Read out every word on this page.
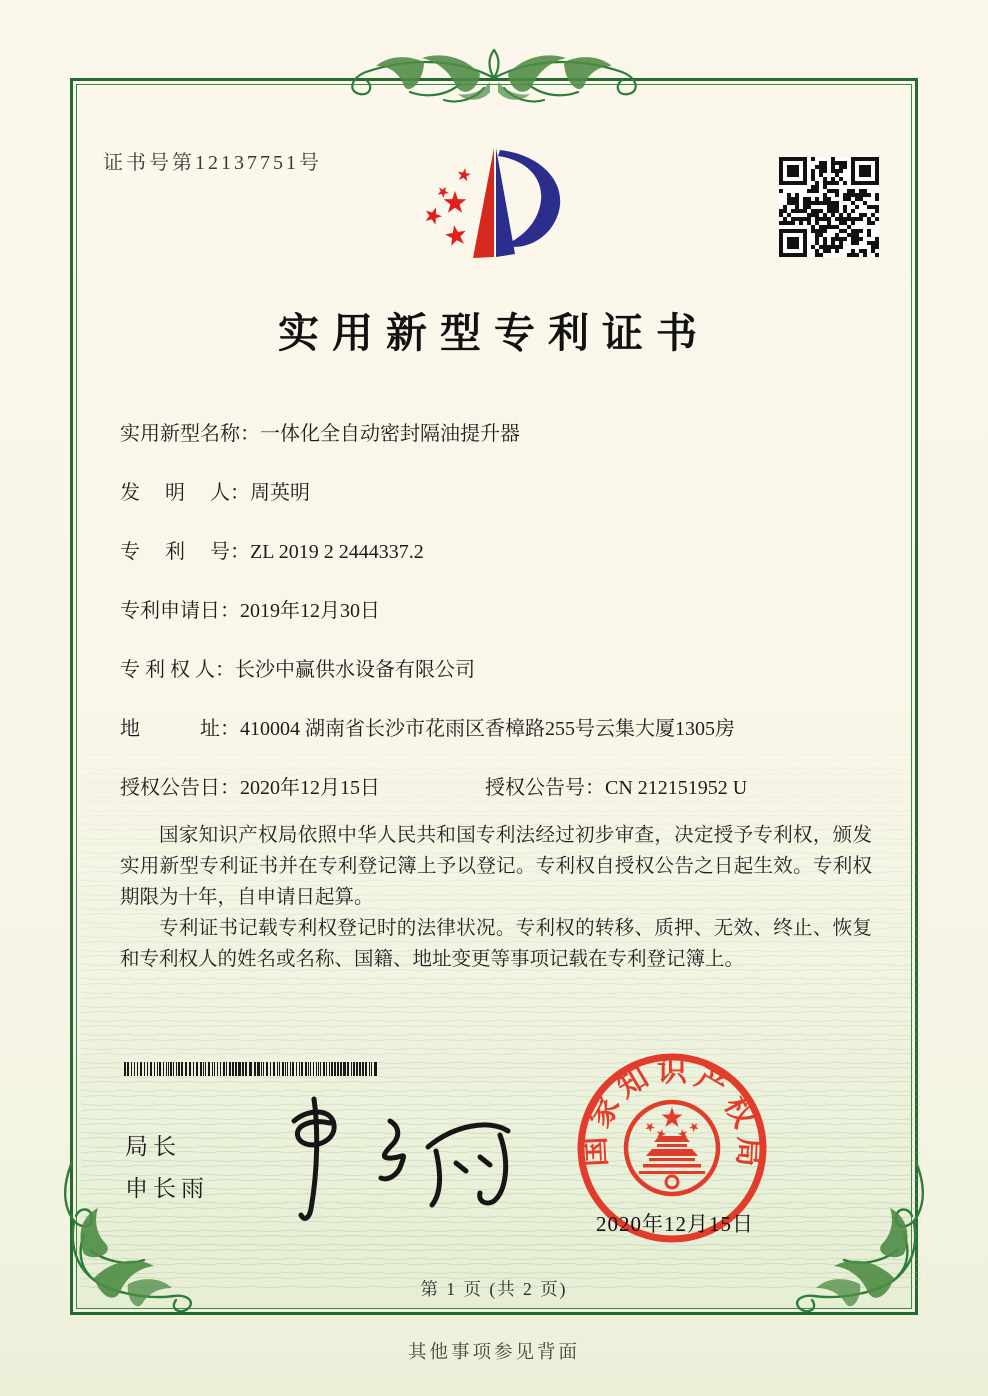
证书号第12137751号
实用新型专利证书
实用新型名称：一体化全自动密封隔油提升器
发　 明 　人：周英明
专　 利 　号：ZL 2019 2 2444337.2
专利申请日：2019年12月30日
专 利 权 人：长沙中赢供水设备有限公司
地　　　址：410004 湖南省长沙市花雨区香樟路255号云集大厦1305房
授权公告日：2020年12月15日	授权公告号：CN 212151952 U

国家知识产权局依照中华人民共和国专利法经过初步审查，决定授予专利权，颁发实用新型专利证书并在专利登记簿上予以登记。专利权自授权公告之日起生效。专利权期限为十年，自申请日起算。

专利证书记载专利权登记时的法律状况。专利权的转移、质押、无效、终止、恢复和专利权人的姓名或名称、国籍、地址变更等事项记载在专利登记簿上。

局长
申长雨
国 家 知 识 产 权 局
2020年12月15日
第 1 页 (共 2 页)
其他事项参见背面
